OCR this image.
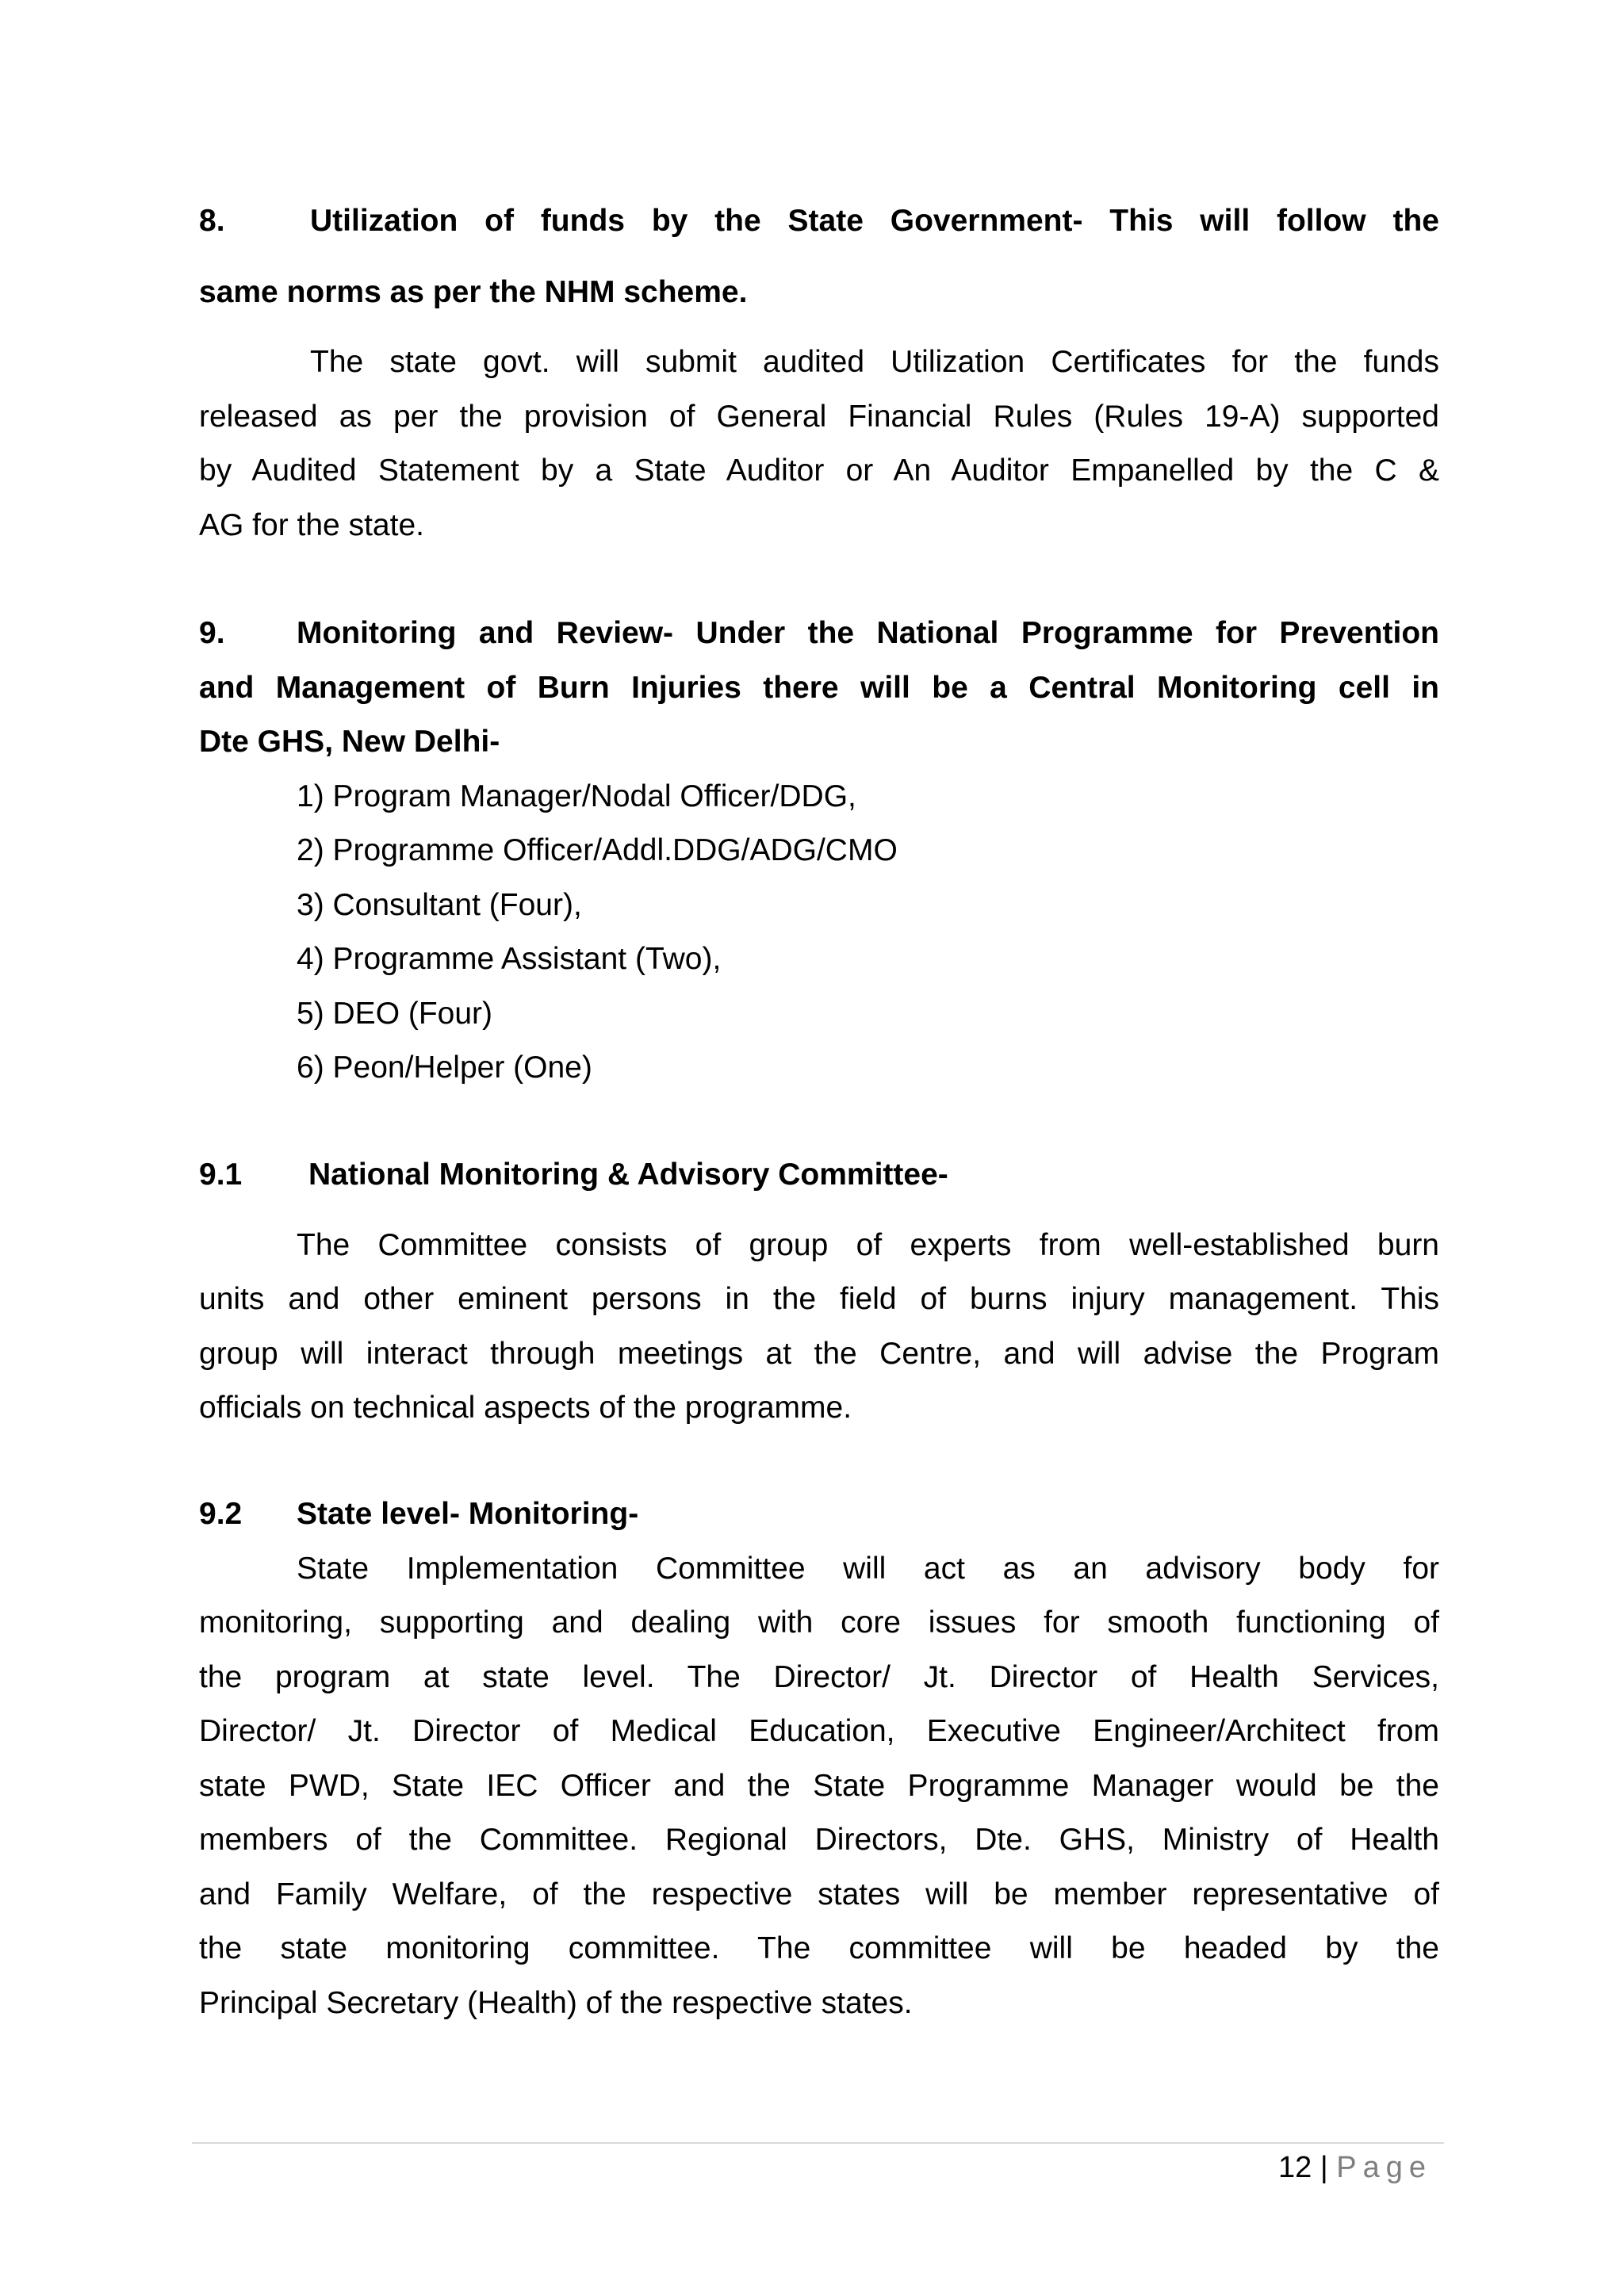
8.	Utilization of funds by the State Government- This will follow the
same norms as per the NHM scheme.
The state govt. will submit audited Utilization Certificates for the funds
released as per the provision of General Financial Rules (Rules 19-A) supported
by Audited Statement by a State Auditor or An Auditor Empanelled by the C &
AG for the state.
9.	Monitoring and Review- Under the National Programme for Prevention
and Management of Burn Injuries there will be a Central Monitoring cell in
Dte GHS, New Delhi-
1) Program Manager/Nodal Officer/DDG,
2) Programme Officer/Addl.DDG/ADG/CMO
3) Consultant (Four),
4) Programme Assistant (Two),
5) DEO (Four)
6) Peon/Helper (One)
9.1	National Monitoring & Advisory Committee-
The Committee consists of group of experts from well-established burn
units and other eminent persons in the field of burns injury management. This
group will interact through meetings at the Centre, and will advise the Program
officials on technical aspects of the programme.
9.2	State level- Monitoring-
State Implementation Committee will act as an advisory body for
monitoring, supporting and dealing with core issues for smooth functioning of
the program at state level. The Director/ Jt. Director of Health Services,
Director/ Jt. Director of Medical Education, Executive Engineer/Architect from
state PWD, State IEC Officer and the State Programme Manager would be the
members of the Committee. Regional Directors, Dte. GHS, Ministry of Health
and Family Welfare, of the respective states will be member representative of
the state monitoring committee. The committee will be headed by the
Principal Secretary (Health) of the respective states.
12 | Page
